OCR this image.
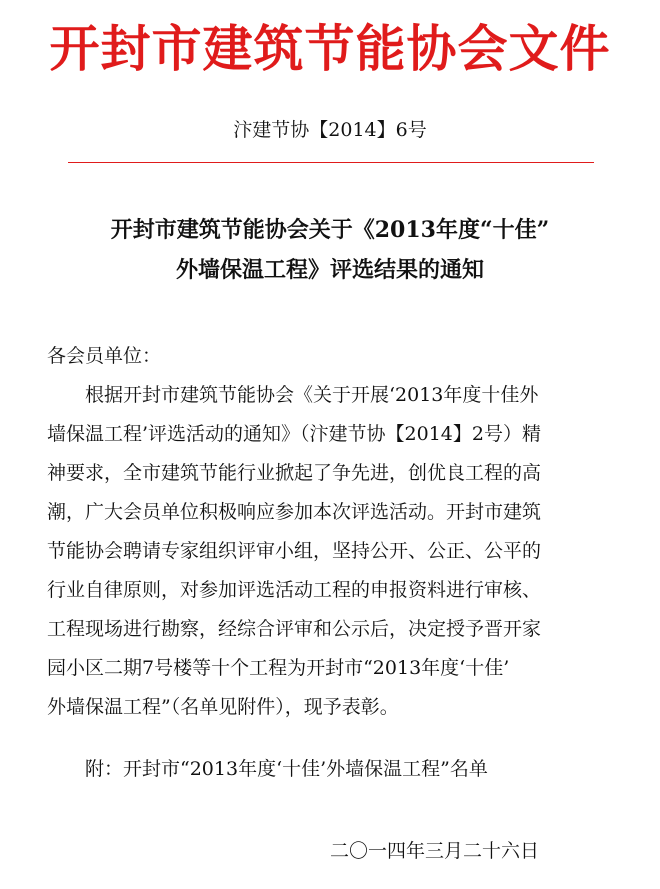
开封市建筑节能协会文件
汴建节协【2014】6号
开封市建筑节能协会关于《2013年度“十佳”
外墙保温工程》评选结果的通知
各会员单位：
根据开封市建筑节能协会《关于开展‘2013年度十佳外
墙保温工程’评选活动的通知》（汴建节协【2014】2号）精
神要求，全市建筑节能行业掀起了争先进，创优良工程的高
潮，广大会员单位积极响应参加本次评选活动。开封市建筑
节能协会聘请专家组织评审小组，坚持公开、公正、公平的
行业自律原则，对参加评选活动工程的申报资料进行审核、
工程现场进行勘察，经综合评审和公示后，决定授予晋开家
园小区二期7号楼等十个工程为开封市“2013年度‘十佳’
外墙保温工程”（名单见附件），现予表彰。
附：开封市“2013年度‘十佳’外墙保温工程”名单
二〇一四年三月二十六日
